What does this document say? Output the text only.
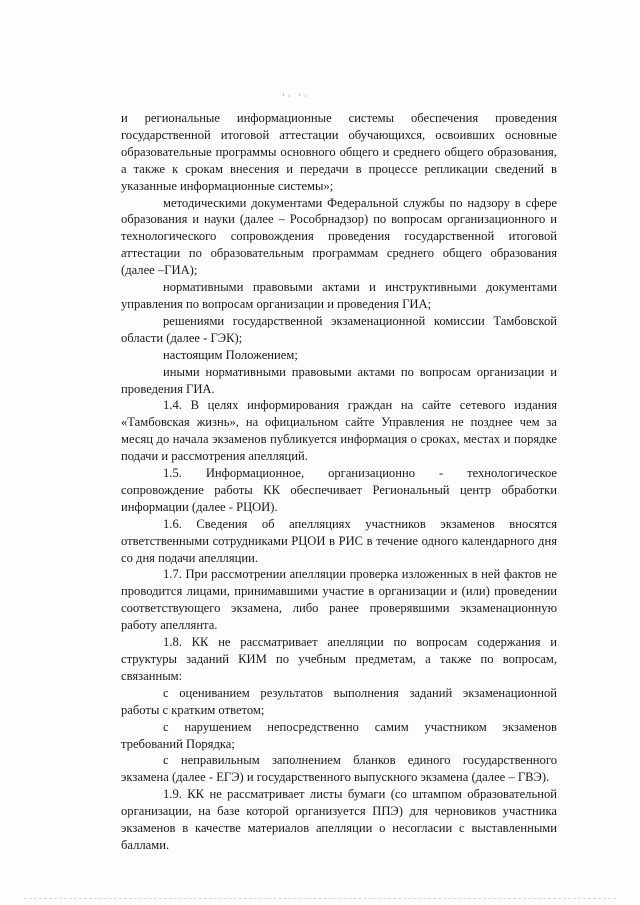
‘· ’·

и региональные информационные системы обеспечения проведения государственной итоговой аттестации обучающихся, освоивших основные образовательные программы основного общего и среднего общего образования, а также к срокам внесения и передачи в процессе репликации сведений в указанные информационные системы»;

методическими документами Федеральной службы по надзору в сфере образования и науки (далее – Рособрнадзор) по вопросам организационного и технологического сопровождения проведения государственной итоговой аттестации по образовательным программам среднего общего образования (далее –ГИА);

нормативными правовыми актами и инструктивными документами управления по вопросам организации и проведения ГИА;

решениями государственной экзаменационной комиссии Тамбовской области (далее - ГЭК);

настоящим Положением;

иными нормативными правовыми актами по вопросам организации и проведения ГИА.

1.4. В целях информирования граждан на сайте сетевого издания «Тамбовская жизнь», на официальном сайте Управления не позднее чем за месяц до начала экзаменов публикуется информация о сроках, местах и порядке подачи и рассмотрения апелляций.

1.5. Информационное, организационно - технологическое сопровождение работы КК обеспечивает Региональный центр обработки информации (далее - РЦОИ).

1.6. Сведения об апелляциях участников экзаменов вносятся ответственными сотрудниками РЦОИ в РИС в течение одного календарного дня со дня подачи апелляции.

1.7. При рассмотрении апелляции проверка изложенных в ней фактов не проводится лицами, принимавшими участие в организации и (или) проведении соответствующего экзамена, либо ранее проверявшими экзаменационную работу апеллянта.

1.8. КК не рассматривает апелляции по вопросам содержания и структуры заданий КИМ по учебным предметам, а также по вопросам, связанным:

с оцениванием результатов выполнения заданий экзаменационной работы с кратким ответом;

с нарушением непосредственно самим участником экзаменов требований Порядка;

с неправильным заполнением бланков единого государственного экзамена (далее - ЕГЭ) и государственного выпускного экзамена (далее – ГВЭ).

1.9. КК не рассматривает листы бумаги (со штампом образовательной организации, на базе которой организуется ППЭ) для черновиков участника экзаменов в качестве материалов апелляции о несогласии с выставленными баллами.
